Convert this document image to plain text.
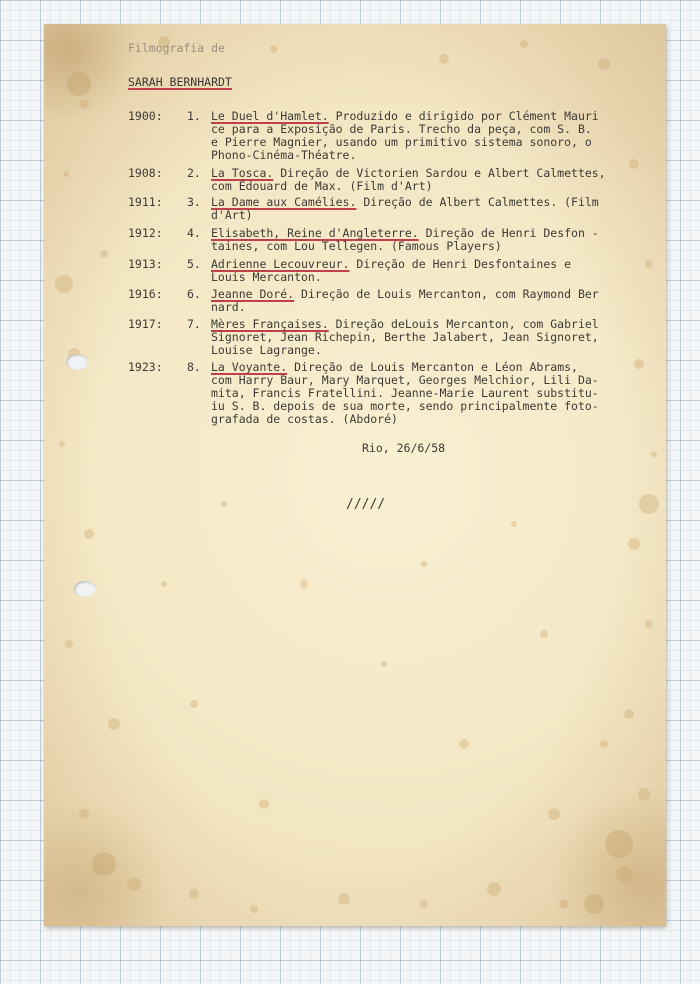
Filmografia de
SARAH BERNHARDT
1900: 1. Le Duel d'Hamlet. Produzido e dirigido por Clément Mauri
ce para a Exposição de Paris. Trecho da peça, com S. B.
e Pierre Magnier, usando um primitivo sistema sonoro, o
Phono-Cinéma-Théatre.
1908: 2. La Tosca. Direção de Victorien Sardou e Albert Calmettes,
com Édouard de Max. (Film d'Art)
1911: 3. La Dame aux Camélies. Direção de Albert Calmettes. (Film
d'Art)
1912: 4. Elisabeth, Reine d'Angleterre. Direção de Henri Desfon -
taines, com Lou Tellegen. (Famous Players)
1913: 5. Adrienne Lecouvreur. Direção de Henri Desfontaines e
Louis Mercanton.
1916: 6. Jeanne Doré. Direção de Louis Mercanton, com Raymond Ber
nard.
1917: 7. Mères Françaises. Direção deLouis Mercanton, com Gabriel
Signoret, Jean Richepin, Berthe Jalabert, Jean Signoret,
Louise Lagrange.
1923: 8. La Voyante. Direção de Louis Mercanton e Léon Abrams,
com Harry Baur, Mary Marquet, Georges Melchior, Lili Da-
mita, Francis Fratellini. Jeanne-Marie Laurent substitu-
iu S. B. depois de sua morte, sendo principalmente foto-
grafada de costas. (Abdoré)
Rio, 26/6/58
/////
